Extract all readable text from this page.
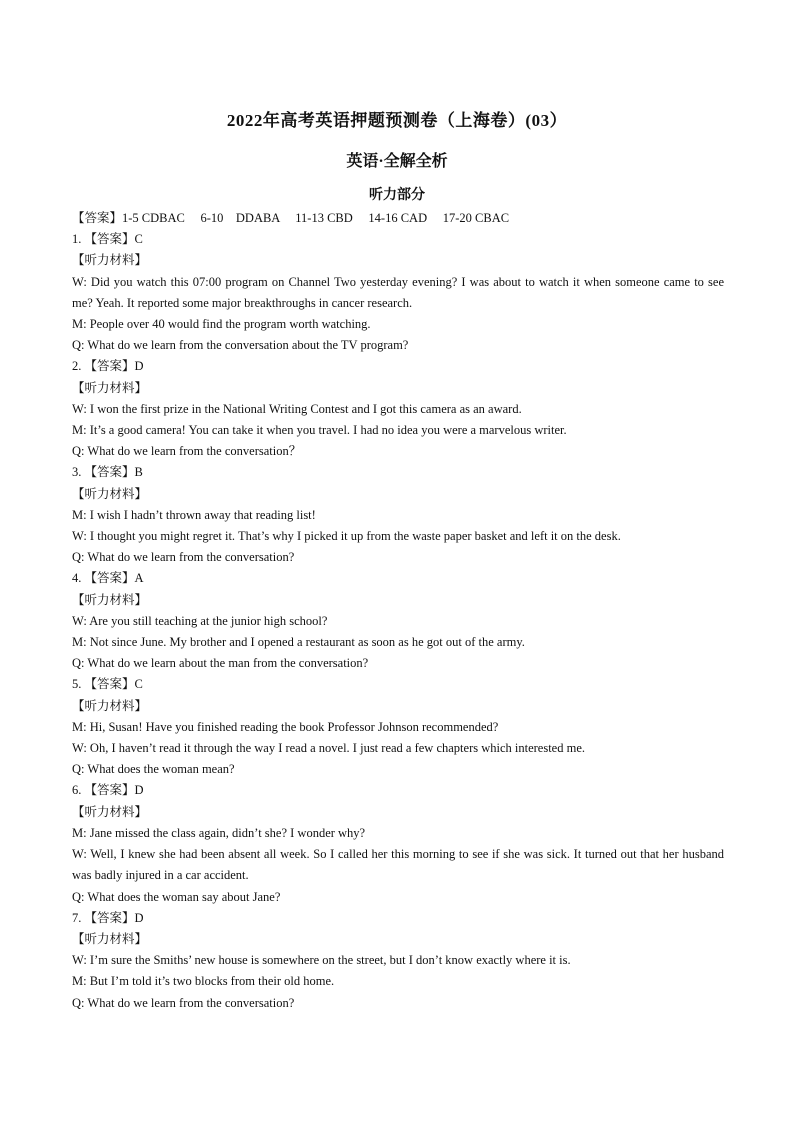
2022年高考英语押题预测卷（上海卷）(03）
英语·全解全析
听力部分
【答案】1-5 CDBAC     6-10    DDABA     11-13 CBD     14-16 CAD     17-20 CBAC
1. 【答案】C
【听力材料】
W: Did you watch this 07:00 program on Channel Two yesterday evening? I was about to watch it when someone came to see me? Yeah. It reported some major breakthroughs in cancer research.
M: People over 40 would find the program worth watching.
Q: What do we learn from the conversation about the TV program?
2. 【答案】D
【听力材料】
W: I won the first prize in the National Writing Contest and I got this camera as an award.
M: It’s a good camera! You can take it when you travel. I had no idea you were a marvelous writer.
Q: What do we learn from the conversation？
3. 【答案】B
【听力材料】
M: I wish I hadn’t thrown away that reading list!
W: I thought you might regret it. That’s why I picked it up from the waste paper basket and left it on the desk.
Q: What do we learn from the conversation?
4. 【答案】A
【听力材料】
W: Are you still teaching at the junior high school?
M: Not since June. My brother and I opened a restaurant as soon as he got out of the army.
Q: What do we learn about the man from the conversation?
5. 【答案】C
【听力材料】
M: Hi, Susan! Have you finished reading the book Professor Johnson recommended?
W: Oh, I haven’t read it through the way I read a novel. I just read a few chapters which interested me.
Q: What does the woman mean?
6. 【答案】D
【听力材料】
M: Jane missed the class again, didn’t she? I wonder why?
W: Well, I knew she had been absent all week. So I called her this morning to see if she was sick. It turned out that her husband was badly injured in a car accident.
Q: What does the woman say about Jane?
7. 【答案】D
【听力材料】
W: I’m sure the Smiths’ new house is somewhere on the street, but I don’t know exactly where it is.
M: But I’m told it’s two blocks from their old home.
Q: What do we learn from the conversation?
